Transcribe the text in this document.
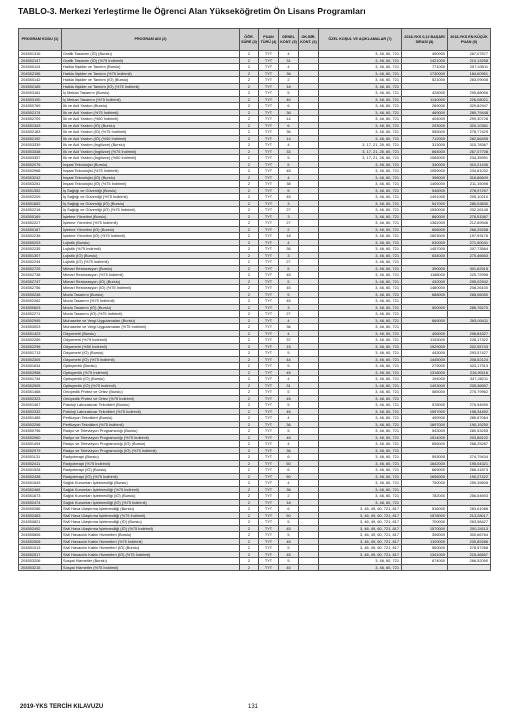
TABLO-3. Merkezi Yerleştirme İle Öğrenci Alan Yükseköğretim Ön Lisans Programları
PROGRAM KODU (1)	PROGRAM ADI (2)	ÖĞR. SÜRE (3)	PUAN TÜRÜ (4)	GENEL KONT. (5)	OK.BİR. KONT. (6)	ÖZEL KOŞUL VE AÇIKLAMALAR (7)	2018-YKS 0,12 BAŞARI SIRASI (8)	2018-YKS EN KÜÇÜK PUAN (9)
204551316	Grafik Tasarımı (İÖ) (Burslu)	2	TYT	4		3, 46, 60, 721	490000	287,07877
204552147	Grafik Tasarımı (İÖ) (%75 İndirimli)	2	TYT	31		3, 46, 60, 721	1421000	210,13258
204550124	Halkla İlişkiler ve Tanıtım (Burslu)	2	TYT	4		3, 46, 60, 721	771000	257,43511
204552156	Halkla İlişkiler ve Tanıtım (%75 İndirimli)	2	TYT	36		3, 46, 60, 721	1730000	184,60951
204550142	Halkla İlişkiler ve Tanıtım (İÖ) (Burslu)	2	TYT	2		3, 46, 60, 721	521000	283,09008
204552165	Halkla İlişkiler ve Tanıtım (İÖ) (%75 İndirimli)	2	TYT	18		3, 46, 60, 721		
204553181	İç Mekan Tasarımı (Burslu)	2	TYT	5		3, 46, 60, 721	428000	295,88056
204553190	İç Mekan Tasarımı (%75 İndirimli)	2	TYT	40		3, 46, 60, 721	1140000	226,08021
204550769	İlk ve Acil Yardım (Burslu)	2	TYT	6		3, 46, 60, 721	269000	329,82947
204552174	İlk ve Acil Yardım (%75 İndirimli)	2	TYT	36		3, 46, 60, 721	469000	289,79448
204552709	İlk ve Acil Yardım (%50 İndirimli)	2	TYT	14		3, 46, 60, 721	404000	299,30728
204551343	İlk ve Acil Yardım (İÖ) (Burslu)	2	TYT	6		3, 46, 60, 721	293000	320,10361
204552183	İlk ve Acil Yardım (İÖ) (%75 İndirimli)	2	TYT	36		3, 46, 60, 721	555000	278,77429
204552192	İlk ve Acil Yardım (İÖ) (%50 İndirimli)	2	TYT	14		3, 46, 60, 721	712000	262,66495
204553339	İlk ve Acil Yardım (İngilizce) (Burslu)	2	TYT	4		3, 17, 21, 28, 60, 721	313000	315,78367
204553348	İlk ve Acil Yardım (İngilizce) (%75 İndirimli)	2	TYT	33		3, 17, 21, 28, 60, 721	664000	267,07708
204553357	İlk ve Acil Yardım (İngilizce) (%50 İndirimli)	2	TYT	5		3, 17, 21, 28, 60, 721	1065000	234,35991
204552076	İnşaat Teknolojisi (Burslu)	2	TYT	5		3, 46, 60, 721	340000	310,21436
204552968	İnşaat Teknolojisi (%75 İndirimli)	2	TYT	45		3, 46, 60, 721	1059000	234,81032
204553242	İnşaat Teknolojisi (İÖ) (Burslu)	2	TYT	4		3, 46, 60, 721	398000	316,86609
204553251	İnşaat Teknolojisi (İÖ) (%75 İndirimli)	2	TYT	38		3, 46, 60, 721	1406000	211,15098
204551352	İş Sağlığı ve Güvenliği (Burslu)	2	TYT	5		3, 46, 60, 721	546000	278,97297
204552209	İş Sağlığı ve Güvenliği (%75 İndirimli)	2	TYT	45		3, 46, 60, 721	1491000	205,10210
204551652	İş Sağlığı ve Güvenliği (İÖ) (Burslu)	2	TYT	3		3, 46, 60, 721	547000	280,03830
204552218	İş Sağlığı ve Güvenliği (İÖ) (%75 İndirimli)	2	TYT	27		3, 46, 60, 721	1530000	202,26145
204550169	İşletme Yönetimi (Burslu)	2	TYT	3		3, 46, 60, 721	860000	278,51587
204552227	İşletme Yönetimi (%75 İndirimli)	2	TYT	27		3, 46, 60, 721	1362000	212,89946
204550187	İşletme Yönetimi (İÖ) (Burslu)	2	TYT	2		3, 46, 60, 721	656000	268,25258
204552236	İşletme Yönetimi (İÖ) (%75 İndirimli)	2	TYT	18		3, 46, 60, 721	1603000	197,93176
204550203	Lojistik (Burslu)	2	TYT	4		3, 46, 60, 721	630000	271,50041
204552235	Lojistik (%75 İndirimli)	2	TYT	36		3, 46, 60, 721	1457000	207,73564
204551307	Lojistik (İÖ) (Burslu)	2	TYT	3		3, 46, 60, 721	634000	270,46653
204552244	Lojistik (İÖ) (%75 İndirimli)	2	TYT	27		3, 46, 60, 721		
204552729	Mimari Restorasyon (Burslu)	2	TYT	5		3, 46, 60, 721	390000	301,62515
204552738	Mimari Restorasyon (%75 İndirimli)	2	TYT	45		3, 46, 60, 721	1188000	225,72998
204552747	Mimari Restorasyon (İÖ) (Burslu)	2	TYT	5		3, 46, 60, 721	432000	295,02942
204552756	Mimari Restorasyon (İÖ) (%75 İndirimli)	2	TYT	45		3, 46, 60, 721	1480000	208,26100
204550248	Moda Tasarımı (Burslu)	2	TYT	5		3, 46, 60, 721	688000	265,06050
204552262	Moda Tasarımı (%75 İndirimli)	2	TYT	45		3, 46, 60, 721		
204550603	Moda Tasarımı (İÖ) (Burslu)	2	TYT	3		3, 46, 60, 721	500000	285,76270
204552271	Moda Tasarımı (İÖ) (%75 İndirimli)	2	TYT	27		3, 46, 60, 721		
204552995	Muhasebe ve Vergi Uygulamaları (Burslu)	2	TYT	4		3, 46, 60, 721	669000	265,00411
204553003	Muhasebe ve Vergi Uygulamaları (%75 İndirimli)	2	TYT	36		3, 46, 60, 721		
204551423	Odyometri (Burslu)	2	TYT	4		3, 46, 60, 721	406000	298,84327
204552289	Odyometri (%75 İndirimli)	2	TYT	37		3, 46, 60, 721	1153000	228,17322
204552298	Odyometri (%50 İndirimli)	2	TYT	15		3, 46, 60, 721	1529000	202,55743
204551713	Odyometri (İÖ) (Burslu)	2	TYT	5		3, 46, 60, 721	443000	293,57427
204552305	Odyometri (İÖ) (%75 İndirimli)	2	TYT	44		3, 46, 60, 721	1445000	208,52124
204551634	Optisyenlik (Burslu)	2	TYT	5		3, 46, 60, 721	279000	323,17913
204552958	Optisyenlik (%75 İndirimli)	2	TYT	45		3, 46, 60, 721	1318000	216,90116
204551744	Optisyenlik (İÖ) (Burslu)	2	TYT	4		3, 46, 60, 721	194000	347,28211
204552905	Optisyenlik (İÖ) (%75 İndirimli)	2	TYT	31		3, 46, 60, 721	1493000	205,36557
204551468	Ortopedik Protez ve Ortez (Burslu)	2	TYT	5		3, 46, 60, 721	585000	275,79962
204552323	Ortopedik Protez ve Ortez (%75 İndirimli)	2	TYT	45		3, 46, 60, 721		
204551467	Patoloji Laboratuvar Teknikleri (Burslu)	2	TYT	5		3, 46, 60, 721	578000	276,54590
204552332	Patoloji Laboratuvar Teknikleri (%75 İndirimli)	2	TYT	45		3, 46, 60, 721	1597000	198,34492
204551485	Perfüzyon Teknikleri (Burslu)	2	TYT	4		3, 46, 60, 721	499000	285,87064
204552296	Perfüzyon Teknikleri (%75 İndirimli)	2	TYT	36		3, 46, 60, 721	1697000	190,19250
204550796	Radyo ve Televizyon Programcılığı (Burslu)	2	TYT	5		3, 46, 60, 721	543000	280,53255
204552960	Radyo ve Televizyon Programcılığı (%75 İndirimli)	2	TYT	45		3, 46, 60, 721	1514000	203,86102
204551494	Radyo ve Televizyon Programcılığı (İÖ) (Burslu)	2	TYT	4		3, 46, 60, 721	656000	268,25287
204552979	Radyo ve Televizyon Programcılığı (İÖ) (%75 İndirimli)	2	TYT	36		3, 46, 60, 721		
204551131	Radyoterapi (Burslu)	2	TYT	6		3, 46, 60, 721	593000	274,79434
204552411	Radyoterapi (%75 İndirimli)	2	TYT	50		3, 46, 60, 721	1642000	195,04321
204551528	Radyoterapi (İÖ) (Burslu)	2	TYT	6		3, 46, 60, 721	669000	266,41873
204552438	Radyoterapi (İÖ) (%75 İndirimli)	2	TYT	50		3, 46, 60, 721	1696000	190,27422
204551543	Sağlık Kurumları İşletmeciliği (Burslu)	2	TYT	4		3, 46, 60, 721	750000	259,39608
204552465	Sağlık Kurumları İşletmeciliği (%75 İndirimli)	2	TYT	36		3, 46, 60, 721		
204551673	Sağlık Kurumları İşletmeciliği (İÖ) (Burslu)	2	TYT	2		3, 46, 60, 721	782000	256,54693
204552474	Sağlık Kurumları İşletmeciliği (İÖ) (%75 İndirimli)	2	TYT	18		3, 46, 60, 721		
204550266	Sivil Hava Ulaştırma İşletmeciliği (Burslu)	2	TYT	6		3, 46, 49, 60, 721, 817	516000	283,61086
204552483	Sivil Hava Ulaştırma İşletmeciliği (%75 İndirimli)	2	TYT	50		3, 46, 49, 60, 721, 817	1578000	213,28017
204550821	Sivil Hava Ulaştırma İşletmeciliği (İÖ) (Burslu)	2	TYT	5		3, 46, 49, 60, 721, 817	700000	263,98427
204552492	Sivil Hava Ulaştırma İşletmeciliği (İÖ) (%75 İndirimli)	2	TYT	45		3, 46, 49, 60, 721, 817	1570000	200,24113
204550806	Sivil Havacılık Kabin Hizmetleri (Burslu)	2	TYT	5		3, 46, 49, 60, 721, 817	396000	300,66764
204552506	Sivil Havacılık Kabin Hizmetleri (%75 İndirimli)	2	TYT	45		3, 46, 49, 60, 721, 817	1109000	230,89286
204551013	Sivil Havacılık Kabin Hizmetleri (İÖ) (Burslu)	2	TYT	5		3, 46, 49, 60, 721, 817	560000	278,57268
204552517	Sivil Havacılık Kabin Hizmetleri (İÖ) (%75 İndirimli)	2	TYT	45		3, 46, 49, 60, 721, 817	1341000	215,46657
204553206	Sosyal Hizmetler (Burslu)	2	TYT	5		3, 46, 60, 721	674000	266,52090
204553215	Sosyal Hizmetler (%75 İndirimli)	2	TYT	45		3, 46, 60, 721		
2019-YKS TERCİH KILAVUZU	131
